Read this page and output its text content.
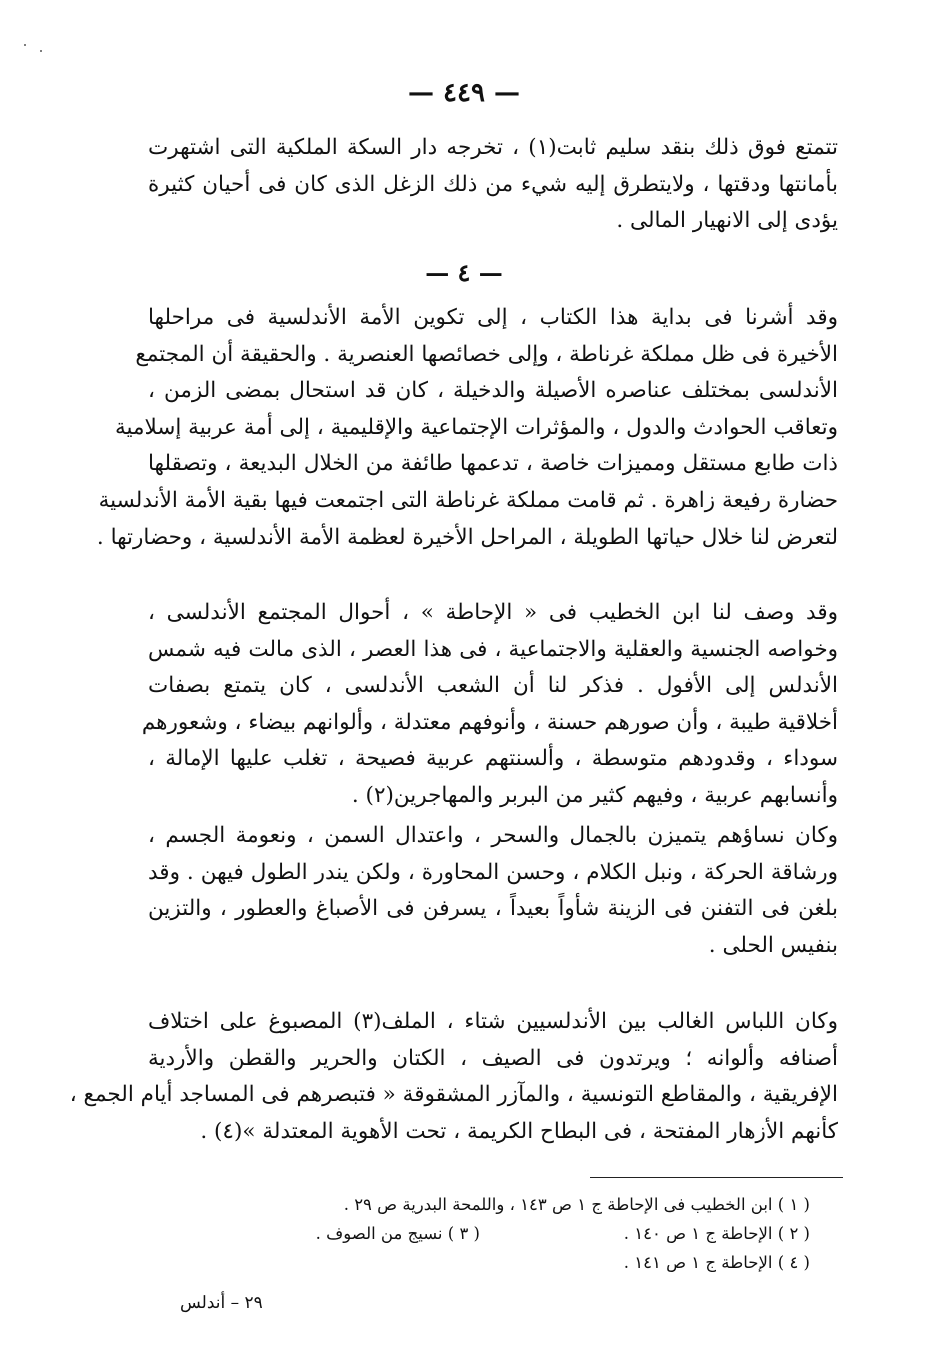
— ٤٤٩ —
تتمتع فوق ذلك بنقد سليم ثابت(١) ، تخرجه دار السكة الملكية التى اشتهرت
بأمانتها ودقتها ، ولايتطرق إليه شيء من ذلك الزغل الذى كان فى أحيان كثيرة
يؤدى إلى الانهيار المالى .
— ٤ —
وقد أشرنا فى بداية هذا الكتاب ، إلى تكوين الأمة الأندلسية فى مراحلها
الأخيرة فى ظل مملكة غرناطة ، وإلى خصائصها العنصرية . والحقيقة أن المجتمع
الأندلسى بمختلف عناصره الأصيلة والدخيلة ، كان قد استحال بمضى الزمن ،
وتعاقب الحوادث والدول ، والمؤثرات الإجتماعية والإقليمية ، إلى أمة عربية إسلامية
ذات طابع مستقل ومميزات خاصة ، تدعمها طائفة من الخلال البديعة ، وتصقلها
حضارة رفيعة زاهرة . ثم قامت مملكة غرناطة التى اجتمعت فيها بقية الأمة الأندلسية
لتعرض لنا خلال حياتها الطويلة ، المراحل الأخيرة لعظمة الأمة الأندلسية ، وحضارتها .
وقد وصف لنا ابن الخطيب فى « الإحاطة » ، أحوال المجتمع الأندلسى ،
وخواصه الجنسية والعقلية والاجتماعية ، فى هذا العصر ، الذى مالت فيه شمس
الأندلس إلى الأفول . فذكر لنا أن الشعب الأندلسى ، كان يتمتع بصفات
أخلاقية طيبة ، وأن صورهم حسنة ، وأنوفهم معتدلة ، وألوانهم بيضاء ، وشعورهم
سوداء ، وقدودهم متوسطة ، وألسنتهم عربية فصيحة ، تغلب عليها الإمالة ،
وأنسابهم عربية ، وفيهم كثير من البربر والمهاجرين(٢) .
وكان نساؤهم يتميزن بالجمال والسحر ، واعتدال السمن ، ونعومة الجسم ،
ورشاقة الحركة ، ونبل الكلام ، وحسن المحاورة ، ولكن يندر الطول فيهن . وقد
بلغن فى التفنن فى الزينة شأواً بعيداً ، يسرفن فى الأصباغ والعطور ، والتزين
بنفيس الحلى .
وكان اللباس الغالب بين الأندلسيين شتاء ، الملف(٣) المصبوغ على اختلاف
أصنافه وألوانه ؛ ويرتدون فى الصيف ، الكتان والحرير والقطن والأردية
الإفريقية ، والمقاطع التونسية ، والمآزر المشقوقة « فتبصرهم فى المساجد أيام الجمع ،
كأنهم الأزهار المفتحة ، فى البطاح الكريمة ، تحت الأهوية المعتدلة »(٤) .
( ١ ) ابن الخطيب فى الإحاطة ج ١ ص ١٤٣ ، واللمحة البدرية ص ٢٩ .
( ٢ ) الإحاطة ج ١ ص ١٤٠ .
( ٣ ) نسيج من الصوف .
( ٤ ) الإحاطة ج ١ ص ١٤١ .
٢٩ – أندلس
